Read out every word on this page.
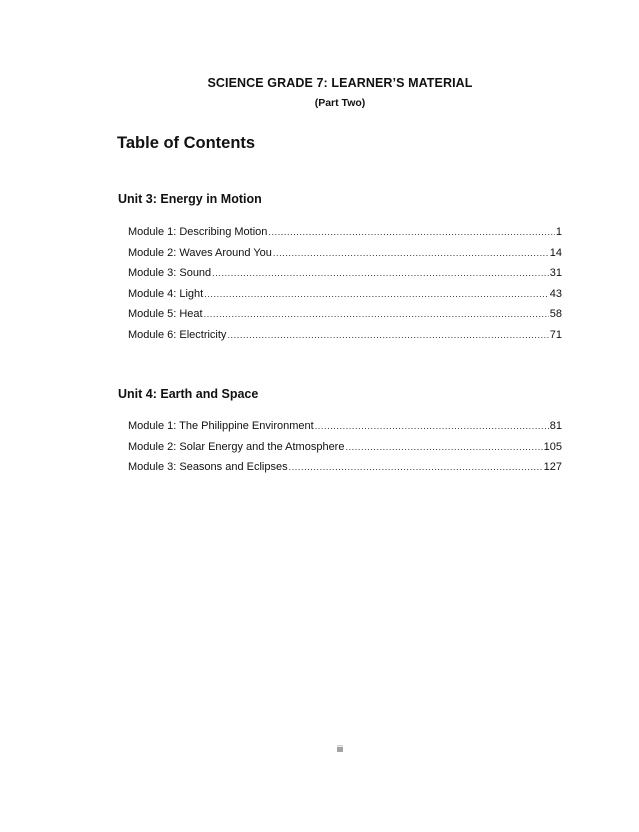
SCIENCE GRADE 7: LEARNER’S MATERIAL
(Part Two)
Table of Contents
Unit 3: Energy in Motion
Module 1: Describing Motion .....	1
Module 2: Waves Around You .....	14
Module 3: Sound .....	31
Module 4: Light .....	43
Module 5: Heat .....	58
Module 6: Electricity .....	71
Unit 4: Earth and Space
Module 1: The Philippine Environment .....	81
Module 2: Solar Energy and the Atmosphere .....	105
Module 3: Seasons and Eclipses .....	127
iii
